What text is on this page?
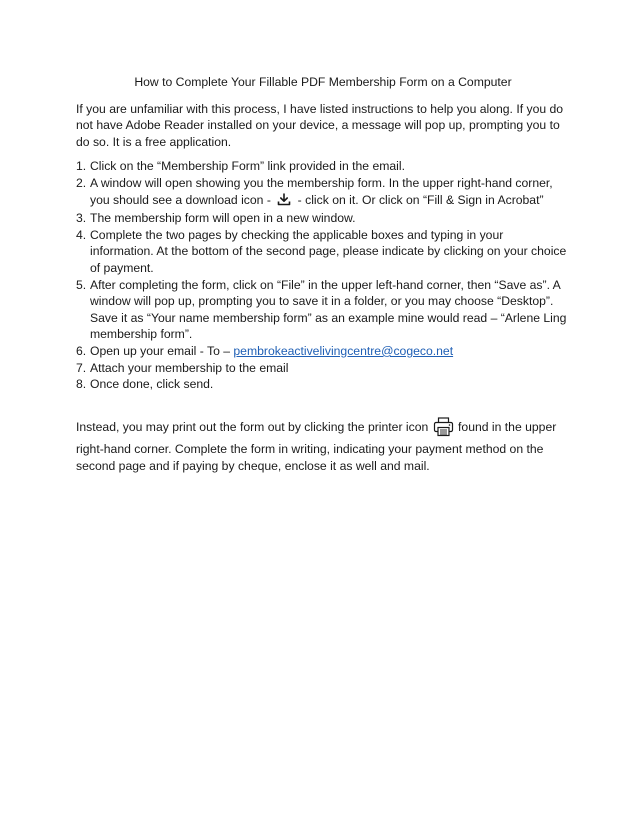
How to Complete Your Fillable PDF Membership Form on a Computer

If you are unfamiliar with this process, I have listed instructions to help you along. If you do not have Adobe Reader installed on your device, a message will pop up, prompting you to do so. It is a free application.

1. Click on the “Membership Form” link provided in the email.
2. A window will open showing you the membership form. In the upper right-hand corner, you should see a download icon -  - click on it. Or click on “Fill & Sign in Acrobat”
3. The membership form will open in a new window.
4. Complete the two pages by checking the applicable boxes and typing in your information. At the bottom of the second page, please indicate by clicking on your choice of payment.
5. After completing the form, click on “File” in the upper left-hand corner, then “Save as”. A window will pop up, prompting you to save it in a folder, or you may choose “Desktop”. Save it as “Your name membership form” as an example mine would read – “Arlene Ling membership form”.
6. Open up your email - To – pembrokeactivelivingcentre@cogeco.net
7. Attach your membership to the email
8. Once done, click send.

Instead, you may print out the form out by clicking the printer icon  found in the upper right-hand corner. Complete the form in writing, indicating your payment method on the second page and if paying by cheque, enclose it as well and mail.
